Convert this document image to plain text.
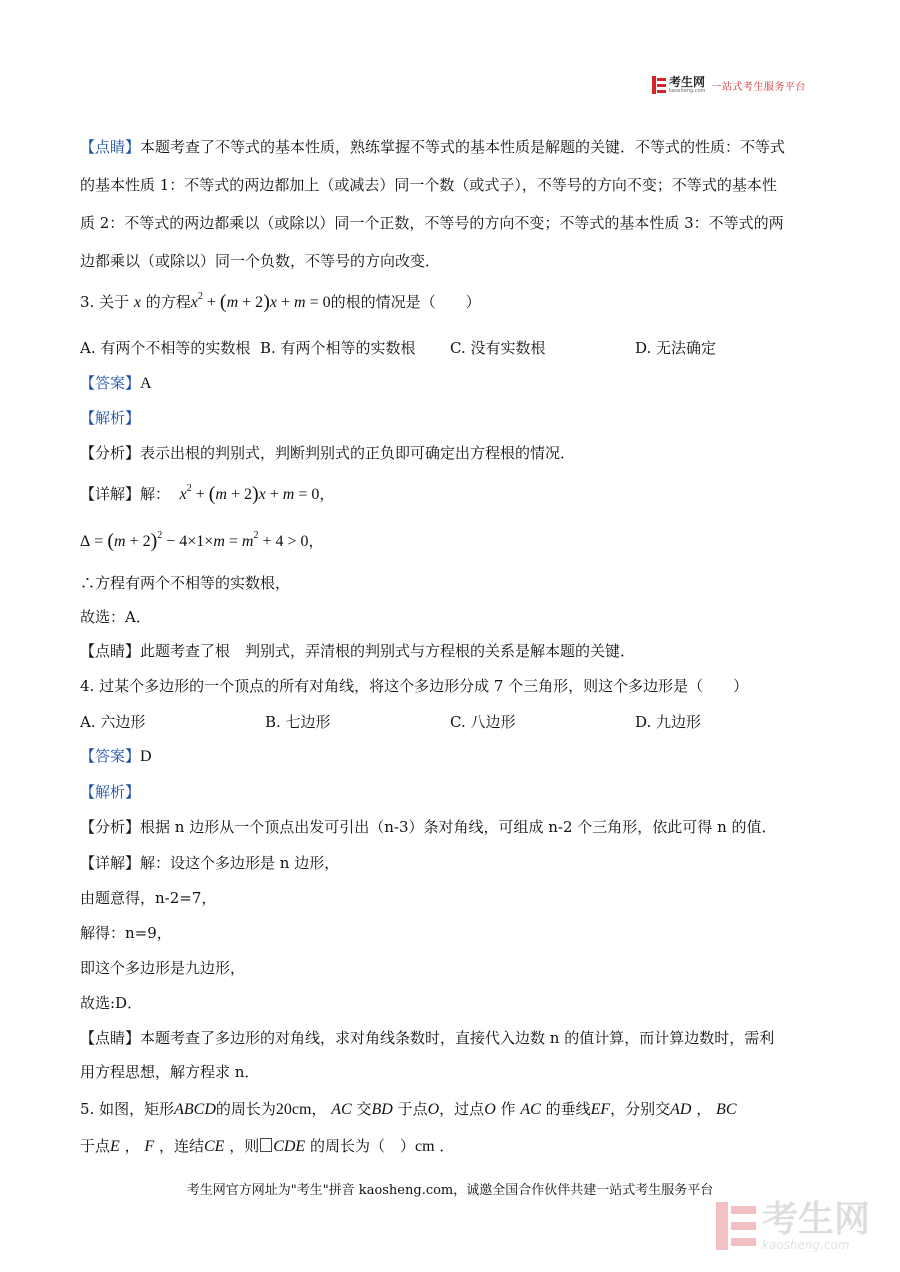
考生网
kaosheng.com 一站式考生服务平台
【点睛】本题考查了不等式的基本性质，熟练掌握不等式的基本性质是解题的关键．不等式的性质：不等式
的基本性质 1：不等式的两边都加上（或减去）同一个数（或式子），不等号的方向不变；不等式的基本性
质 2：不等式的两边都乘以（或除以）同一个正数，不等号的方向不变；不等式的基本性质 3：不等式的两
边都乘以（或除以）同一个负数，不等号的方向改变．
3. 关于 x 的方程$x^2 + (m + 2)x + m = 0$的根的情况是（　　）
A. 有两个不相等的实数根 B. 有两个相等的实数根 C. 没有实数根	D. 无法确定
【答案】A
【解析】
【分析】表示出根的判别式，判断判别式的正负即可确定出方程根的情况．
【详解】解： $x^2 + (m + 2)x + m = 0$，
$\Delta = (m + 2)^2 - 4\times 1\times m = m^2 + 4 > 0$，
∴方程有两个不相等的实数根，
故选：A．
【点睛】此题考查了根　判别式，弄清根的判别式与方程根的关系是解本题的关键．
4. 过某个多边形的一个顶点的所有对角线，将这个多边形分成 7 个三角形，则这个多边形是（　　）
A. 六边形	B. 七边形	C. 八边形	D. 九边形
【答案】D
【解析】
【分析】根据 n 边形从一个顶点出发可引出（n-3）条对角线，可组成 n-2 个三角形，依此可得 n 的值．
【详解】解：设这个多边形是 n 边形，
由题意得，n-2=7，
解得：n=9，
即这个多边形是九边形，
故选:D．
【点睛】本题考查了多边形的对角线，求对角线条数时，直接代入边数 n 的值计算，而计算边数时，需利
用方程思想，解方程求 n．
5. 如图，矩形ABCD的周长为20cm， AC 交BD 于点O，过点O 作 AC 的垂线EF，分别交AD ， BC
于点E ， F ，连结CE ，则 CDE 的周长为（　）cm ．
考生网官方网址为"考生"拼音 kaosheng.com，诚邀全国合作伙伴共建一站式考生服务平台
考生网
kaosheng.com
